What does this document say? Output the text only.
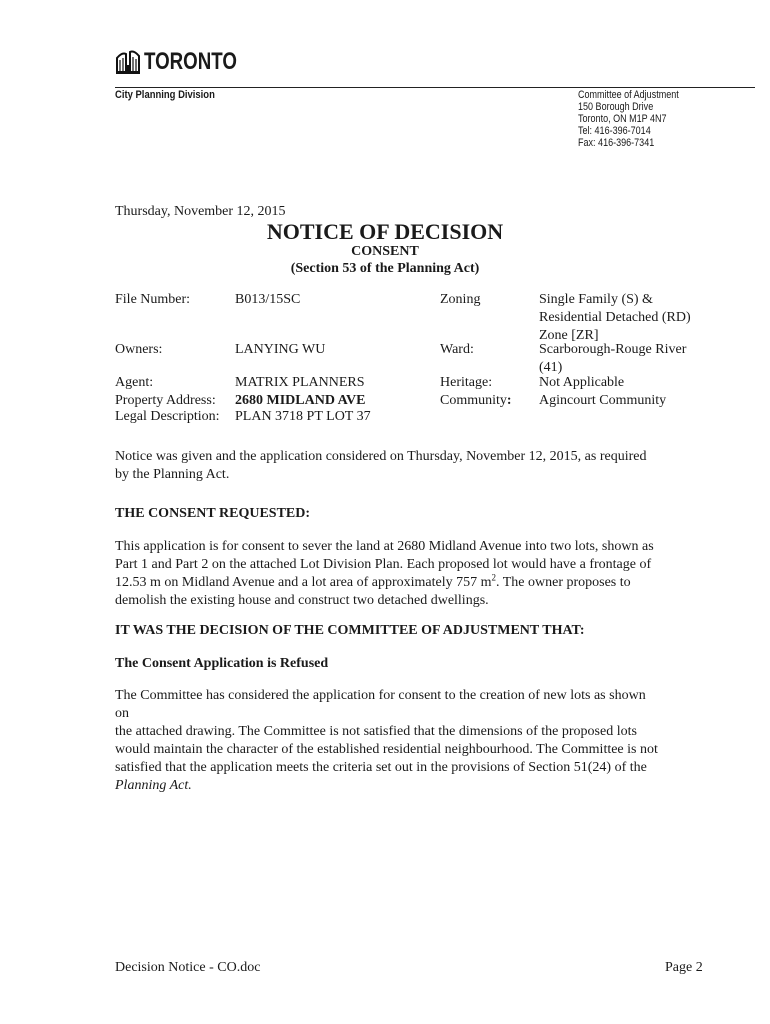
TORONTO
City Planning Division	Committee of Adjustment
150 Borough Drive
Toronto, ON M1P 4N7
Tel: 416-396-7014
Fax: 416-396-7341
Thursday, November 12, 2015
NOTICE OF DECISION
CONSENT
(Section 53 of the Planning Act)
File Number:	B013/15SC	Zoning	Single Family (S) &
Residential Detached (RD)
Zone [ZR]
Owners:	LANYING WU	Ward:	Scarborough-Rouge River
(41)
Agent:	MATRIX PLANNERS	Heritage:	Not Applicable
Property Address: 2680 MIDLAND AVE	Community: Agincourt Community
Legal Description: PLAN 3718 PT LOT 37
Notice was given and the application considered on Thursday, November 12, 2015, as required
by the Planning Act.
THE CONSENT REQUESTED:
This application is for consent to sever the land at 2680 Midland Avenue into two lots, shown as
Part 1 and Part 2 on the attached Lot Division Plan. Each proposed lot would have a frontage of
12.53 m on Midland Avenue and a lot area of approximately 757 $m^2$. The owner proposes to
demolish the existing house and construct two detached dwellings.
IT WAS THE DECISION OF THE COMMITTEE OF ADJUSTMENT THAT:
The Consent Application is Refused
The Committee has considered the application for consent to the creation of new lots as shown on
the attached drawing. The Committee is not satisfied that the dimensions of the proposed lots
would maintain the character of the established residential neighbourhood. The Committee is not
satisfied that the application meets the criteria set out in the provisions of Section 51(24) of the
Planning Act.
Decision Notice - CO.doc	Page 2
